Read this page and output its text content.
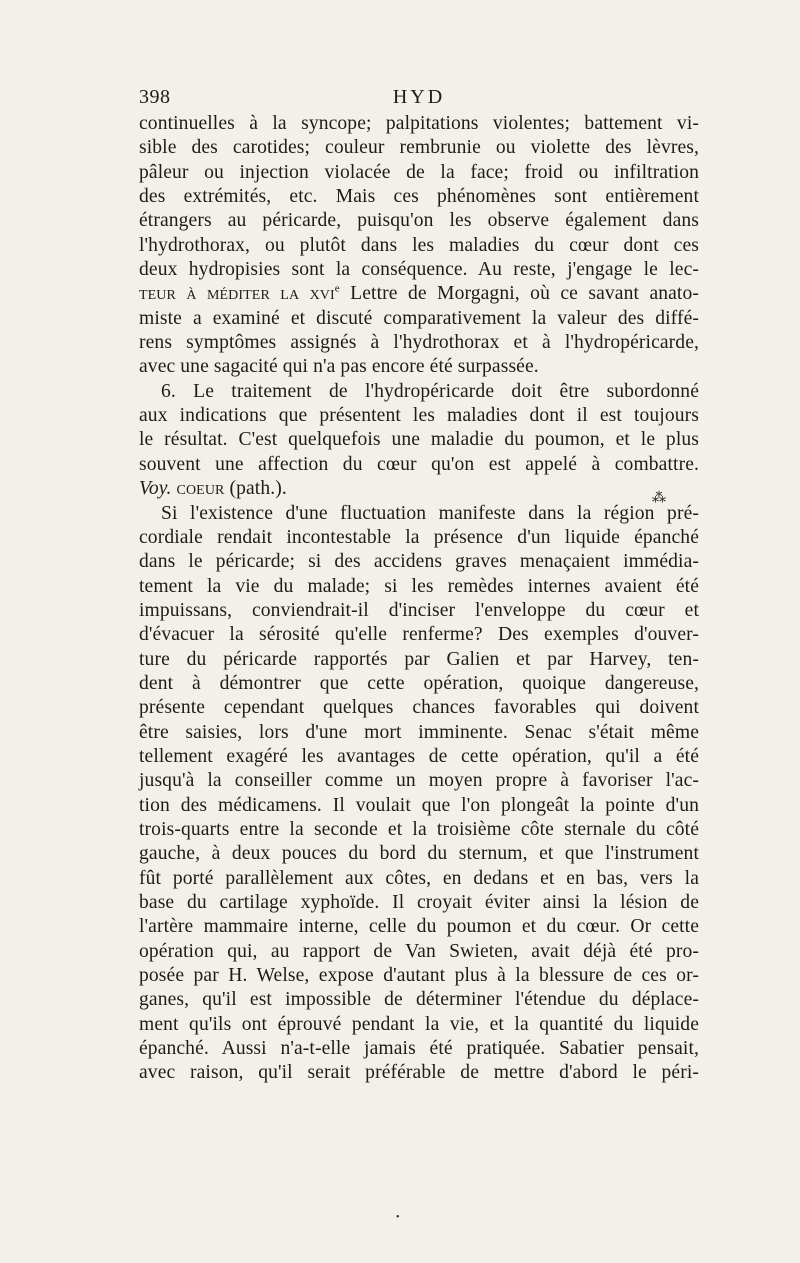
398	HYD
continuelles à la syncope; palpitations violentes; battement vi-
sible des carotides; couleur rembrunie ou violette des lèvres,
pâleur ou injection violacée de la face; froid ou infiltration
des extrémités, etc. Mais ces phénomènes sont entièrement
étrangers au péricarde, puisqu'on les observe également dans
l'hydrothorax, ou plutôt dans les maladies du cœur dont ces
deux hydropisies sont la conséquence. Au reste, j'engage le lec-
teur à méditer la xvi$^e$ Lettre de Morgagni, où ce savant anato-
miste a examiné et discuté comparativement la valeur des diffé-
rens symptômes assignés à l'hydrothorax et à l'hydropéricarde,
avec une sagacité qui n'a pas encore été surpassée.
6. Le traitement de l'hydropéricarde doit être subordonné
aux indications que présentent les maladies dont il est toujours
le résultat. C'est quelquefois une maladie du poumon, et le plus
souvent une affection du cœur qu'on est appelé à combattre.
Voy. coeur (path.).
Si l'existence d'une fluctuation manifeste dans la région pré-
cordiale rendait incontestable la présence d'un liquide épanché
dans le péricarde; si des accidens graves menaçaient immédia-
tement la vie du malade; si les remèdes internes avaient été
impuissans, conviendrait-il d'inciser l'enveloppe du cœur et
d'évacuer la sérosité qu'elle renferme? Des exemples d'ouver-
ture du péricarde rapportés par Galien et par Harvey, ten-
dent à démontrer que cette opération, quoique dangereuse,
présente cependant quelques chances favorables qui doivent
être saisies, lors d'une mort imminente. Senac s'était même
tellement exagéré les avantages de cette opération, qu'il a été
jusqu'à la conseiller comme un moyen propre à favoriser l'ac-
tion des médicamens. Il voulait que l'on plongeât la pointe d'un
trois-quarts entre la seconde et la troisième côte sternale du côté
gauche, à deux pouces du bord du sternum, et que l'instrument
fût porté parallèlement aux côtes, en dedans et en bas, vers la
base du cartilage xyphoïde. Il croyait éviter ainsi la lésion de
l'artère mammaire interne, celle du poumon et du cœur. Or cette
opération qui, au rapport de Van Swieten, avait déjà été pro-
posée par H. Welse, expose d'autant plus à la blessure de ces or-
ganes, qu'il est impossible de déterminer l'étendue du déplace-
ment qu'ils ont éprouvé pendant la vie, et la quantité du liquide
épanché. Aussi n'a-t-elle jamais été pratiquée. Sabatier pensait,
avec raison, qu'il serait préférable de mettre d'abord le péri-
⁂
•
